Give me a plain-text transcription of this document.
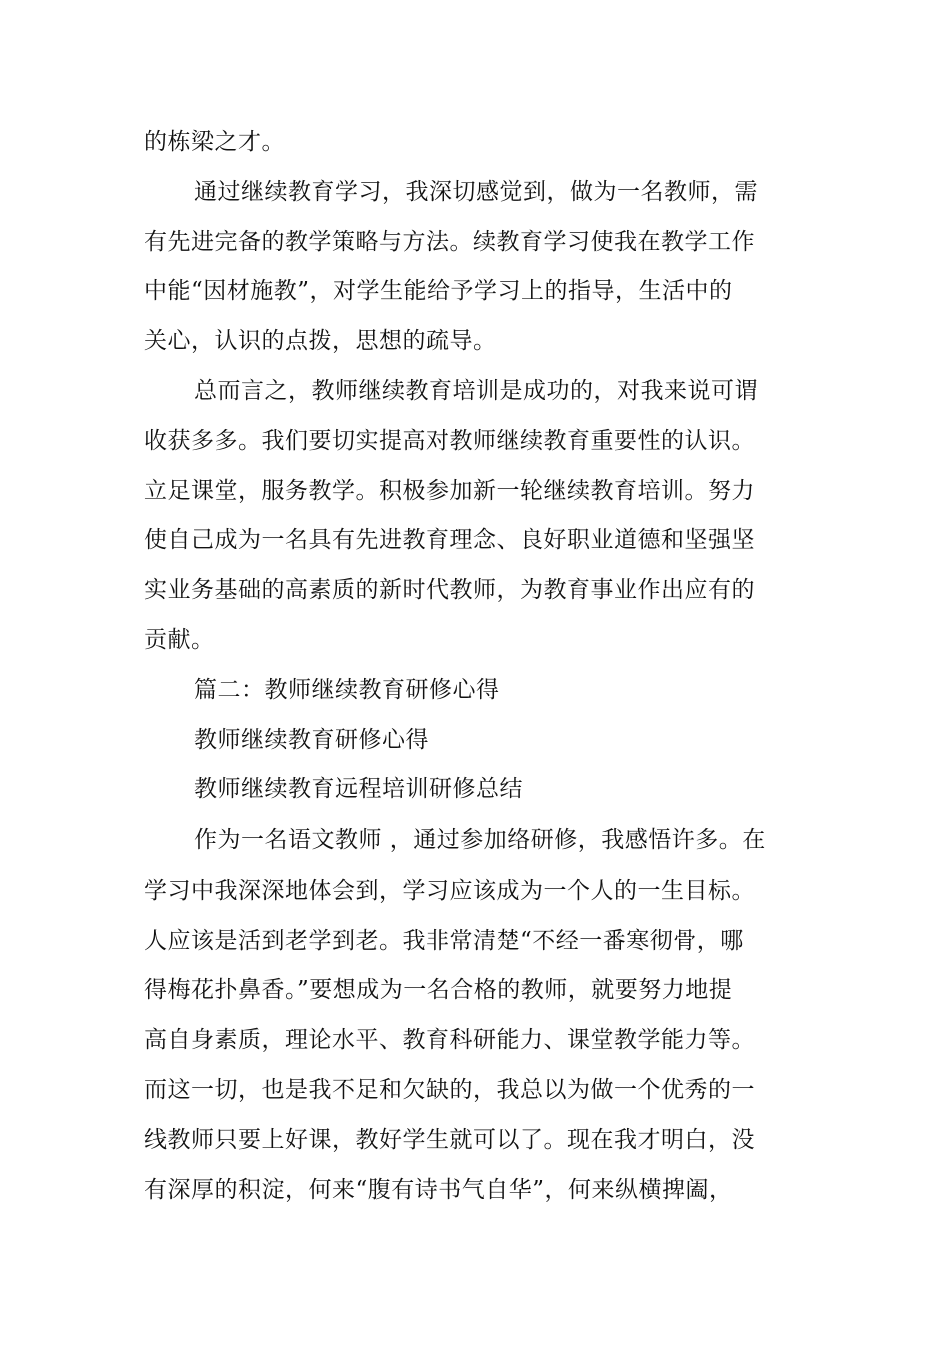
的栋梁之才。
通过继续教育学习，我深切感觉到，做为一名教师，需
有先进完备的教学策略与方法。续教育学习使我在教学工作
中能“因材施教”，对学生能给予学习上的指导，生活中的
关心，认识的点拨，思想的疏导。
总而言之，教师继续教育培训是成功的，对我来说可谓
收获多多。我们要切实提高对教师继续教育重要性的认识。
立足课堂，服务教学。积极参加新一轮继续教育培训。努力
使自己成为一名具有先进教育理念、良好职业道德和坚强坚
实业务基础的高素质的新时代教师，为教育事业作出应有的
贡献。
篇二：教师继续教育研修心得
教师继续教育研修心得
教师继续教育远程培训研修总结
作为一名语文教师 ，通过参加络研修，我感悟许多。在
学习中我深深地体会到，学习应该成为一个人的一生目标。
人应该是活到老学到老。我非常清楚“不经一番寒彻骨，哪
得梅花扑鼻香。”要想成为一名合格的教师，就要努力地提
高自身素质，理论水平、教育科研能力、课堂教学能力等。
而这一切，也是我不足和欠缺的，我总以为做一个优秀的一
线教师只要上好课，教好学生就可以了。现在我才明白，没
有深厚的积淀，何来“腹有诗书气自华”，何来纵横捭阖，
